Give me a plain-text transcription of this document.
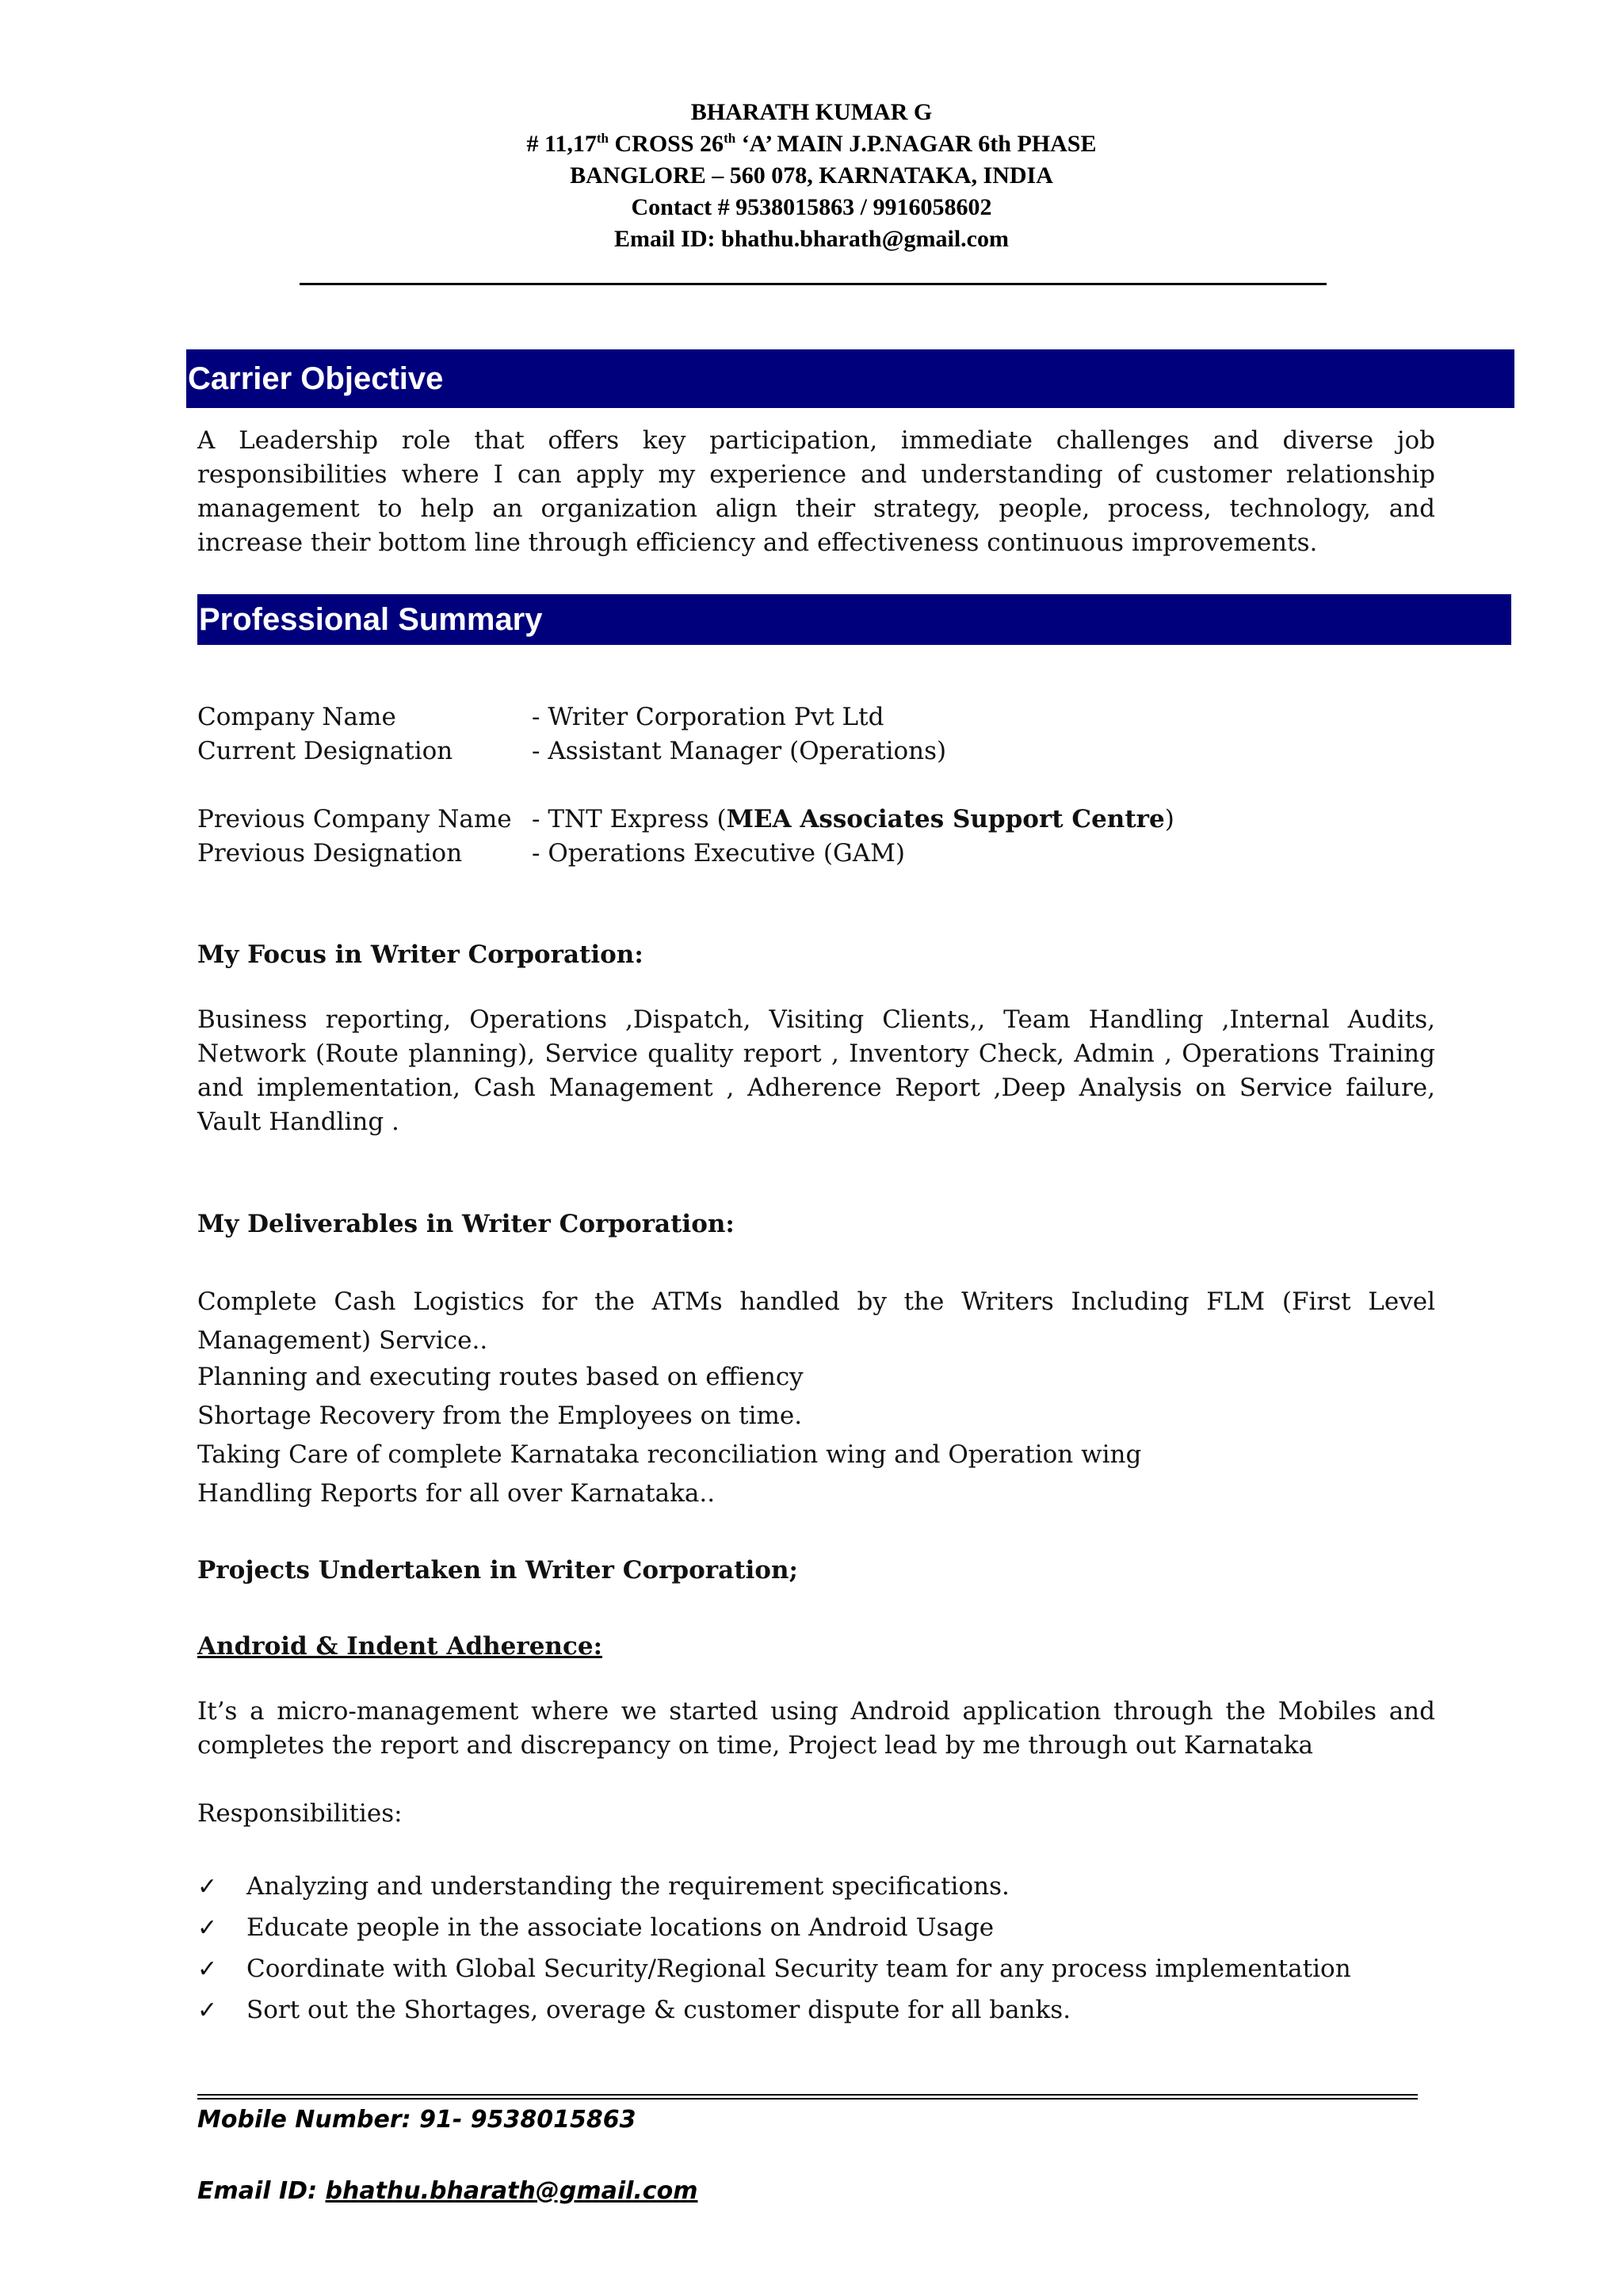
BHARATH KUMAR G
# 11,17th CROSS 26th ‘A’ MAIN J.P.NAGAR 6th PHASE
BANGLORE – 560 078, KARNATAKA, INDIA
Contact # 9538015863 / 9916058602
Email ID: bhathu.bharath@gmail.com
Carrier Objective
A Leadership role that offers key participation, immediate challenges and diverse job responsibilities where I can apply my experience and understanding of customer relationship management to help an organization align their strategy, people, process, technology, and increase their bottom line through efficiency and effectiveness continuous improvements.
Professional Summary
Company Name	- Writer Corporation Pvt Ltd
Current Designation	- Assistant Manager (Operations)
Previous Company Name - TNT Express (MEA Associates Support Centre)
Previous Designation	- Operations Executive (GAM)
My Focus in Writer Corporation:
Business reporting, Operations ,Dispatch, Visiting Clients,, Team Handling ,Internal Audits, Network (Route planning), Service quality report , Inventory Check, Admin , Operations Training and implementation, Cash Management , Adherence Report ,Deep Analysis on Service failure, Vault Handling .
My Deliverables in Writer Corporation:
Complete Cash Logistics for the ATMs handled by the Writers Including FLM (First Level Management) Service..
Planning and executing routes based on effiency
Shortage Recovery from the Employees on time.
Taking Care of complete Karnataka reconciliation wing and Operation wing
Handling Reports for all over Karnataka..
Projects Undertaken in Writer Corporation;
Android & Indent Adherence:
It’s a micro-management where we started using Android application through the Mobiles and completes the report and discrepancy on time, Project lead by me through out Karnataka
Responsibilities:
✓ Analyzing and understanding the requirement specifications.
✓ Educate people in the associate locations on Android Usage
✓ Coordinate with Global Security/Regional Security team for any process implementation
✓ Sort out the Shortages, overage & customer dispute for all banks.
Mobile Number: 91- 9538015863
Email ID: bhathu.bharath@gmail.com
